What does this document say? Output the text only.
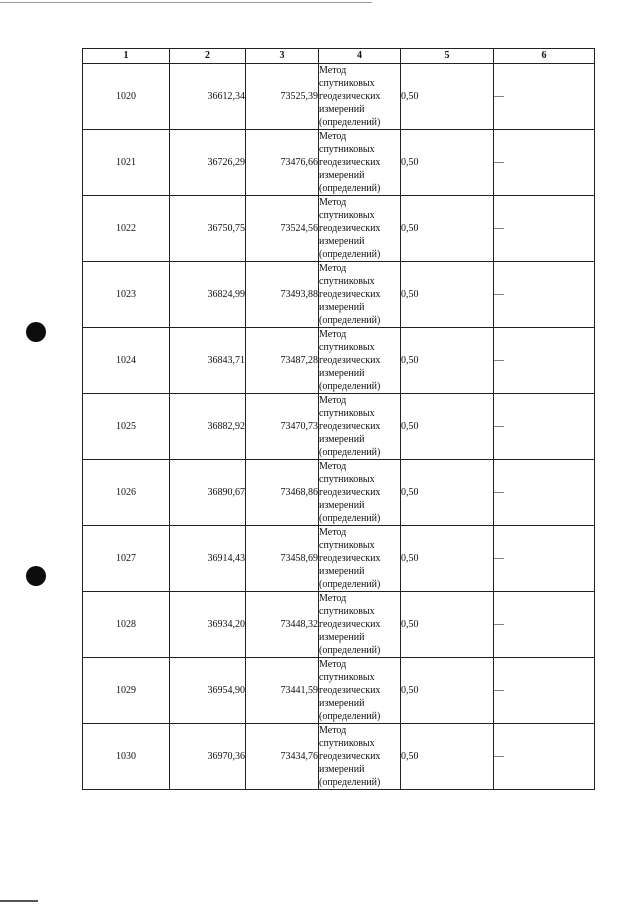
1	2	3	4	5	6
1020	36612,34	73525,39	Метод спутниковых геодезических измерений (определений)	0,50	—
1021	36726,29	73476,66	Метод спутниковых геодезических измерений (определений)	0,50	—
1022	36750,75	73524,56	Метод спутниковых геодезических измерений (определений)	0,50	—
1023	36824,99	73493,88	Метод спутниковых геодезических измерений (определений)	0,50	—
1024	36843,71	73487,28	Метод спутниковых геодезических измерений (определений)	0,50	—
1025	36882,92	73470,73	Метод спутниковых геодезических измерений (определений)	0,50	—
1026	36890,67	73468,86	Метод спутниковых геодезических измерений (определений)	0,50	—
1027	36914,43	73458,69	Метод спутниковых геодезических измерений (определений)	0,50	—
1028	36934,20	73448,32	Метод спутниковых геодезических измерений (определений)	0,50	—
1029	36954,90	73441,59	Метод спутниковых геодезических измерений (определений)	0,50	—
1030	36970,36	73434,76	Метод спутниковых геодезических измерений (определений)	0,50	—
